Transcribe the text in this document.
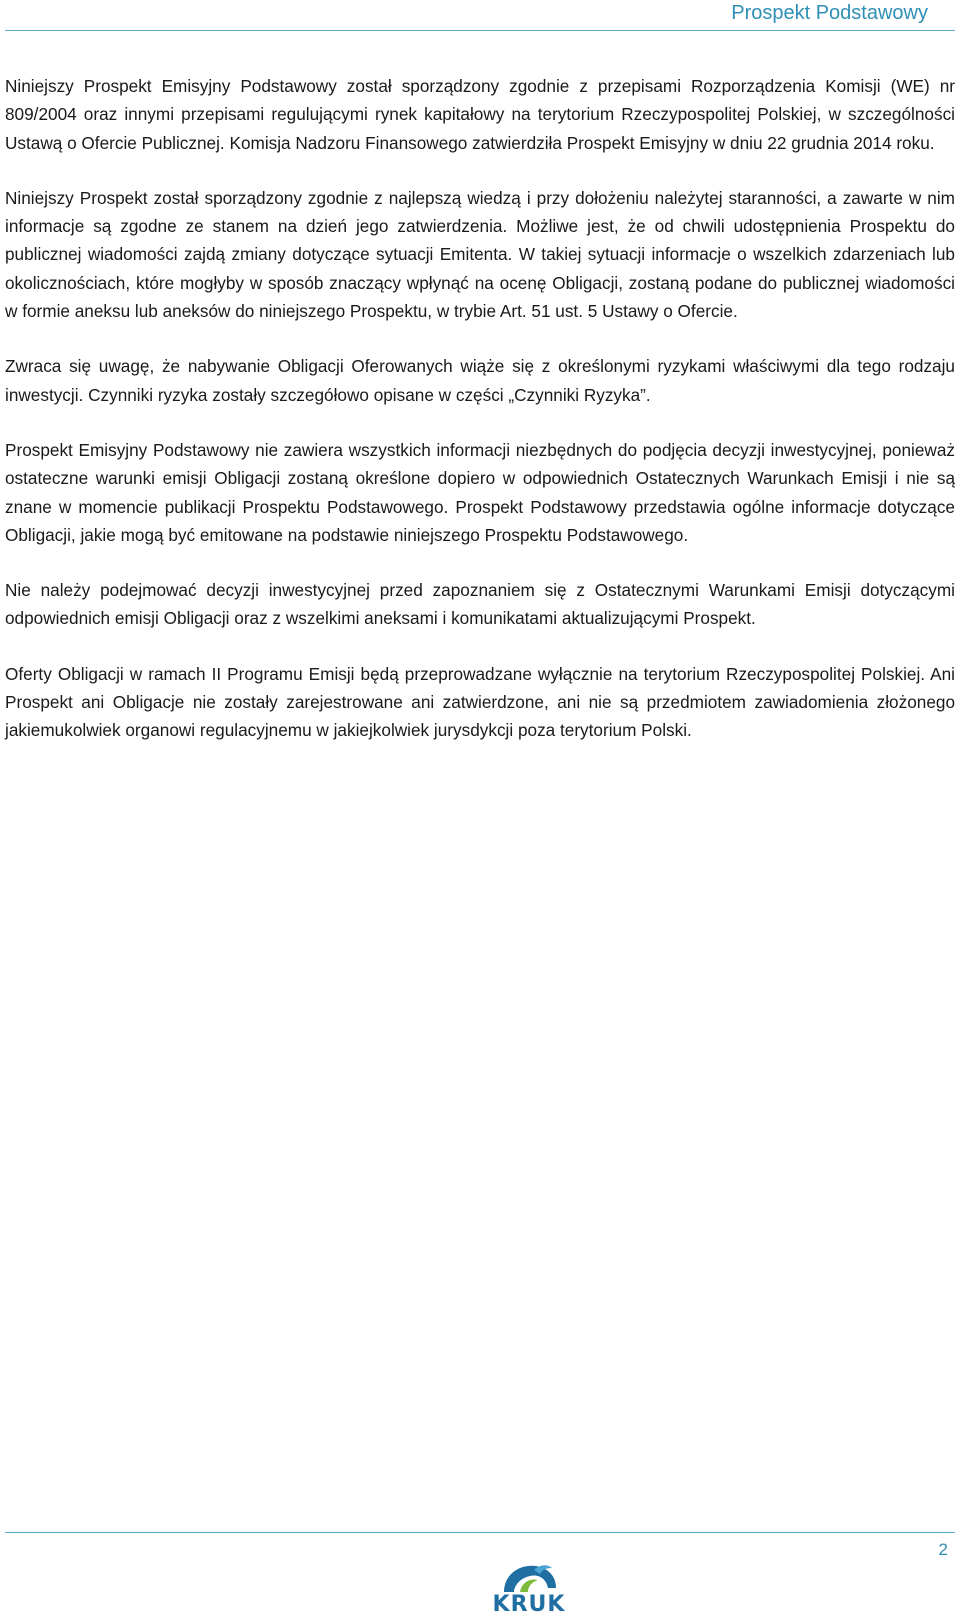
Prospekt Podstawowy

Niniejszy Prospekt Emisyjny Podstawowy został sporządzony zgodnie z przepisami Rozporządzenia Komisji (WE) nr 809/2004 oraz innymi przepisami regulującymi rynek kapitałowy na terytorium Rzeczypospolitej Polskiej, w szczególności Ustawą o Ofercie Publicznej. Komisja Nadzoru Finansowego zatwierdziła Prospekt Emisyjny w dniu 22 grudnia 2014 roku.

Niniejszy Prospekt został sporządzony zgodnie z najlepszą wiedzą i przy dołożeniu należytej staranności, a zawarte w nim informacje są zgodne ze stanem na dzień jego zatwierdzenia. Możliwe jest, że od chwili udostępnienia Prospektu do publicznej wiadomości zajdą zmiany dotyczące sytuacji Emitenta. W takiej sytuacji informacje o wszelkich zdarzeniach lub okolicznościach, które mogłyby w sposób znaczący wpłynąć na ocenę Obligacji, zostaną podane do publicznej wiadomości w formie aneksu lub aneksów do niniejszego Prospektu, w trybie Art. 51 ust. 5 Ustawy o Ofercie.

Zwraca się uwagę, że nabywanie Obligacji Oferowanych wiąże się z określonymi ryzykami właściwymi dla tego rodzaju inwestycji. Czynniki ryzyka zostały szczegółowo opisane w części „Czynniki Ryzyka”.

Prospekt Emisyjny Podstawowy nie zawiera wszystkich informacji niezbędnych do podjęcia decyzji inwestycyjnej, ponieważ ostateczne warunki emisji Obligacji zostaną określone dopiero w odpowiednich Ostatecznych Warunkach Emisji i nie są znane w momencie publikacji Prospektu Podstawowego. Prospekt Podstawowy przedstawia ogólne informacje dotyczące Obligacji, jakie mogą być emitowane na podstawie niniejszego Prospektu Podstawowego.

Nie należy podejmować decyzji inwestycyjnej przed zapoznaniem się z Ostatecznymi Warunkami Emisji dotyczącymi odpowiednich emisji Obligacji oraz z wszelkimi aneksami i komunikatami aktualizującymi Prospekt.

Oferty Obligacji w ramach II Programu Emisji będą przeprowadzane wyłącznie na terytorium Rzeczypospolitej Polskiej. Ani Prospekt ani Obligacje nie zostały zarejestrowane ani zatwierdzone, ani nie są przedmiotem zawiadomienia złożonego jakiemukolwiek organowi regulacyjnemu w jakiejkolwiek jurysdykcji poza terytorium Polski.

2
KRUK
